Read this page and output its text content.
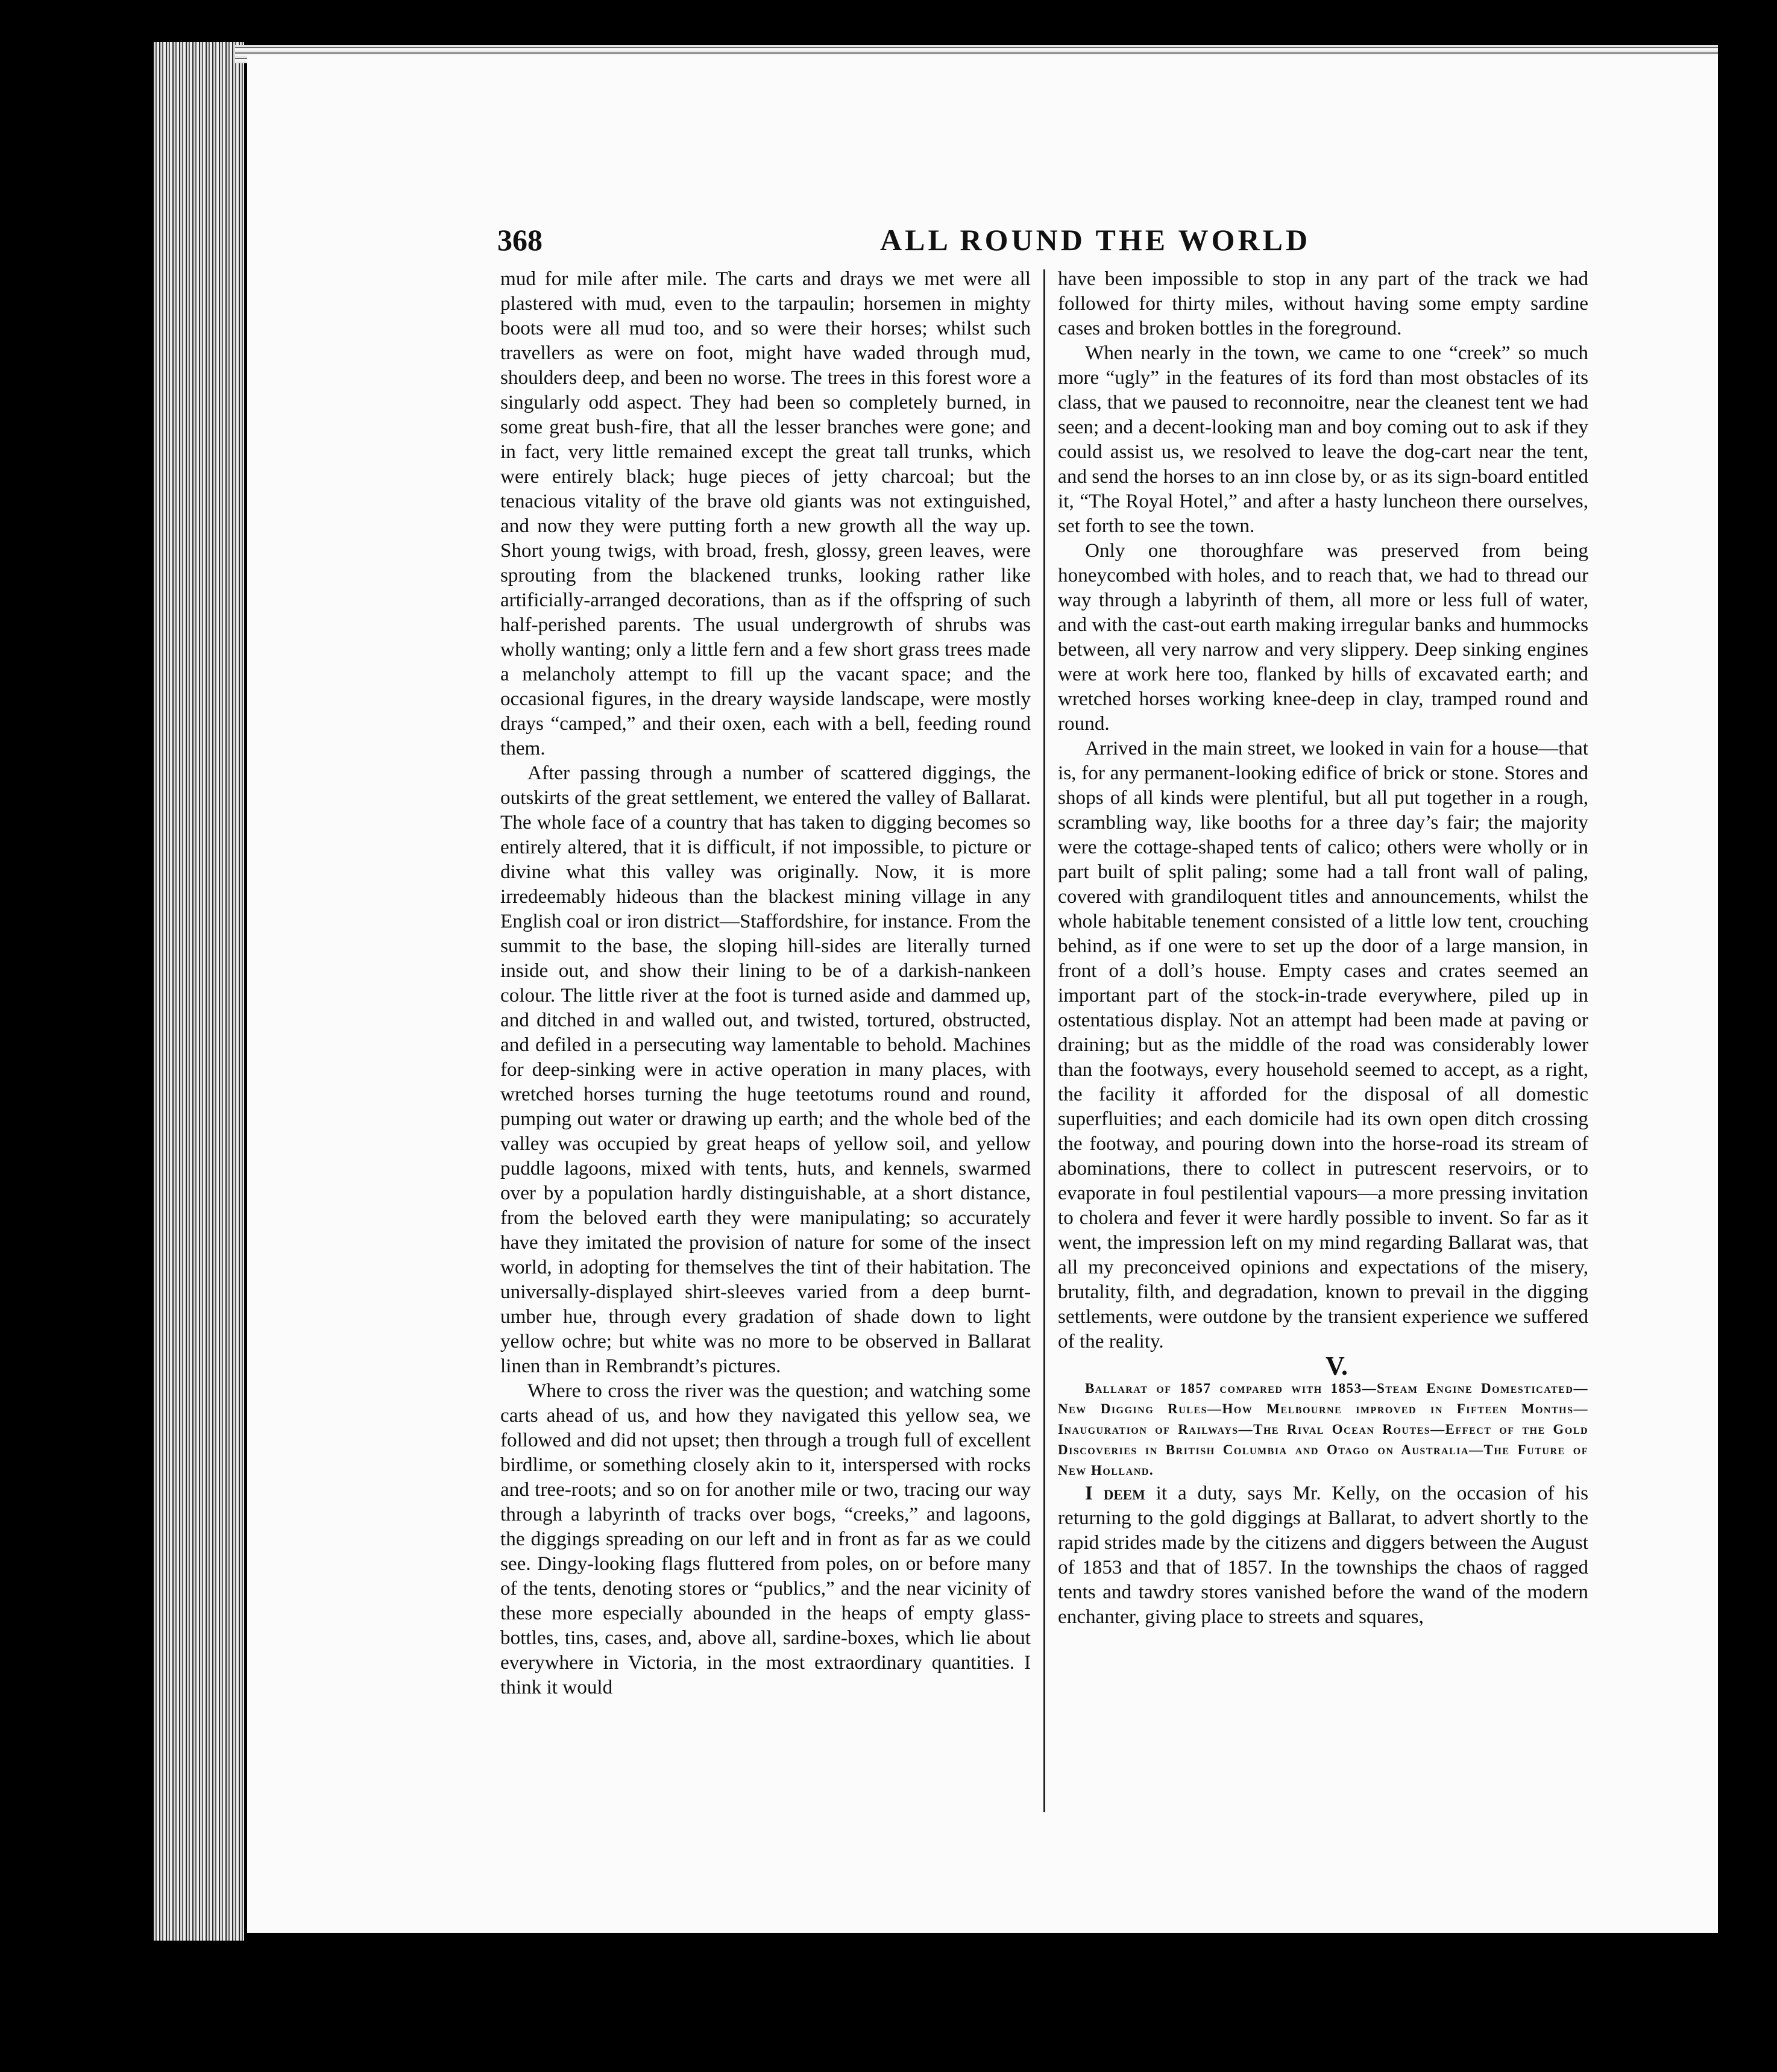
368	ALL ROUND THE WORLD

mud for mile after mile. The carts and drays we met were all plastered with mud, even to the tarpaulin; horsemen in mighty boots were all mud too, and so were their horses; whilst such travellers as were on foot, might have waded through mud, shoulders deep, and been no worse. The trees in this forest wore a singularly odd aspect. They had been so completely burned, in some great bush-fire, that all the lesser branches were gone; and in fact, very little remained except the great tall trunks, which were entirely black; huge pieces of jetty charcoal; but the tenacious vitality of the brave old giants was not extinguished, and now they were putting forth a new growth all the way up. Short young twigs, with broad, fresh, glossy, green leaves, were sprouting from the blackened trunks, looking rather like artificially-arranged decorations, than as if the offspring of such half-perished parents. The usual undergrowth of shrubs was wholly wanting; only a little fern and a few short grass trees made a melancholy attempt to fill up the vacant space; and the occasional figures, in the dreary wayside landscape, were mostly drays “camped,” and their oxen, each with a bell, feeding round them.

After passing through a number of scattered diggings, the outskirts of the great settlement, we entered the valley of Ballarat. The whole face of a country that has taken to digging becomes so entirely altered, that it is difficult, if not impossible, to picture or divine what this valley was originally. Now, it is more irredeemably hideous than the blackest mining village in any English coal or iron district—Staffordshire, for instance. From the summit to the base, the sloping hill-sides are literally turned inside out, and show their lining to be of a darkish-nankeen colour. The little river at the foot is turned aside and dammed up, and ditched in and walled out, and twisted, tortured, obstructed, and defiled in a persecuting way lamentable to behold. Machines for deep-sinking were in active operation in many places, with wretched horses turning the huge teetotums round and round, pumping out water or drawing up earth; and the whole bed of the valley was occupied by great heaps of yellow soil, and yellow puddle lagoons, mixed with tents, huts, and kennels, swarmed over by a population hardly distinguishable, at a short distance, from the beloved earth they were manipulating; so accurately have they imitated the provision of nature for some of the insect world, in adopting for themselves the tint of their habitation. The universally-displayed shirt-sleeves varied from a deep burnt-umber hue, through every gradation of shade down to light yellow ochre; but white was no more to be observed in Ballarat linen than in Rembrandt’s pictures.

Where to cross the river was the question; and watching some carts ahead of us, and how they navigated this yellow sea, we followed and did not upset; then through a trough full of excellent birdlime, or something closely akin to it, interspersed with rocks and tree-roots; and so on for another mile or two, tracing our way through a labyrinth of tracks over bogs, “creeks,” and lagoons, the diggings spreading on our left and in front as far as we could see. Dingy-looking flags fluttered from poles, on or before many of the tents, denoting stores or “publics,” and the near vicinity of these more especially abounded in the heaps of empty glass-bottles, tins, cases, and, above all, sardine-boxes, which lie about everywhere in Victoria, in the most extraordinary quantities. I think it would

have been impossible to stop in any part of the track we had followed for thirty miles, without having some empty sardine cases and broken bottles in the foreground.

When nearly in the town, we came to one “creek” so much more “ugly” in the features of its ford than most obstacles of its class, that we paused to reconnoitre, near the cleanest tent we had seen; and a decent-looking man and boy coming out to ask if they could assist us, we resolved to leave the dog-cart near the tent, and send the horses to an inn close by, or as its sign-board entitled it, “The Royal Hotel,” and after a hasty luncheon there ourselves, set forth to see the town.

Only one thoroughfare was preserved from being honeycombed with holes, and to reach that, we had to thread our way through a labyrinth of them, all more or less full of water, and with the cast-out earth making irregular banks and hummocks between, all very narrow and very slippery. Deep sinking engines were at work here too, flanked by hills of excavated earth; and wretched horses working knee-deep in clay, tramped round and round.

Arrived in the main street, we looked in vain for a house—that is, for any permanent-looking edifice of brick or stone. Stores and shops of all kinds were plentiful, but all put together in a rough, scrambling way, like booths for a three day’s fair; the majority were the cottage-shaped tents of calico; others were wholly or in part built of split paling; some had a tall front wall of paling, covered with grandiloquent titles and announcements, whilst the whole habitable tenement consisted of a little low tent, crouching behind, as if one were to set up the door of a large mansion, in front of a doll’s house. Empty cases and crates seemed an important part of the stock-in-trade everywhere, piled up in ostentatious display. Not an attempt had been made at paving or draining; but as the middle of the road was considerably lower than the footways, every household seemed to accept, as a right, the facility it afforded for the disposal of all domestic superfluities; and each domicile had its own open ditch crossing the footway, and pouring down into the horse-road its stream of abominations, there to collect in putrescent reservoirs, or to evaporate in foul pestilential vapours—a more pressing invitation to cholera and fever it were hardly possible to invent. So far as it went, the impression left on my mind regarding Ballarat was, that all my preconceived opinions and expectations of the misery, brutality, filth, and degradation, known to prevail in the digging settlements, were outdone by the transient experience we suffered of the reality.

V.

Ballarat of 1857 compared with 1853—Steam Engine Domesticated—New Digging Rules—How Melbourne improved in Fifteen Months—Inauguration of Railways—The Rival Ocean Routes—Effect of the Gold Discoveries in British Columbia and Otago on Australia—The Future of New Holland.

I deem it a duty, says Mr. Kelly, on the occasion of his returning to the gold diggings at Ballarat, to advert shortly to the rapid strides made by the citizens and diggers between the August of 1853 and that of 1857. In the townships the chaos of ragged tents and tawdry stores vanished before the wand of the modern enchanter, giving place to streets and squares,
